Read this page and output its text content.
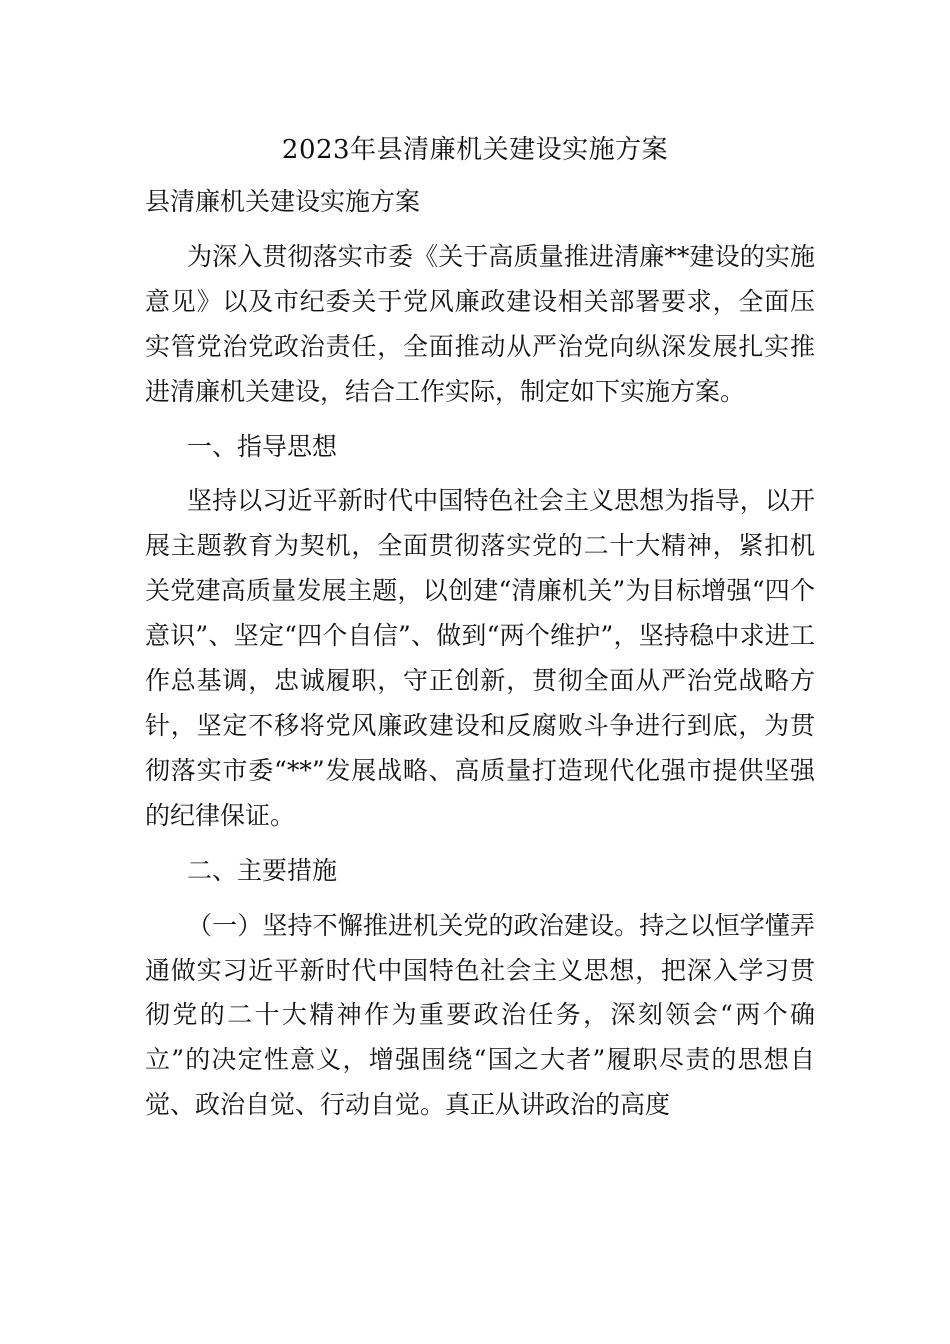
2023年县清廉机关建设实施方案

县清廉机关建设实施方案

为深入贯彻落实市委《关于高质量推进清廉**建设的实施意见》以及市纪委关于党风廉政建设相关部署要求，全面压实管党治党政治责任，全面推动从严治党向纵深发展扎实推进清廉机关建设，结合工作实际，制定如下实施方案。

一、指导思想

坚持以习近平新时代中国特色社会主义思想为指导，以开展主题教育为契机，全面贯彻落实党的二十大精神，紧扣机关党建高质量发展主题，以创建“清廉机关”为目标增强“四个意识”、坚定“四个自信”、做到“两个维护”，坚持稳中求进工作总基调，忠诚履职，守正创新，贯彻全面从严治党战略方针，坚定不移将党风廉政建设和反腐败斗争进行到底，为贯彻落实市委“**”发展战略、高质量打造现代化强市提供坚强的纪律保证。

二、主要措施

（一）坚持不懈推进机关党的政治建设。持之以恒学懂弄通做实习近平新时代中国特色社会主义思想，把深入学习贯彻党的二十大精神作为重要政治任务，深刻领会“两个确立”的决定性意义，增强围绕“国之大者”履职尽责的思想自觉、政治自觉、行动自觉。真正从讲政治的高度
